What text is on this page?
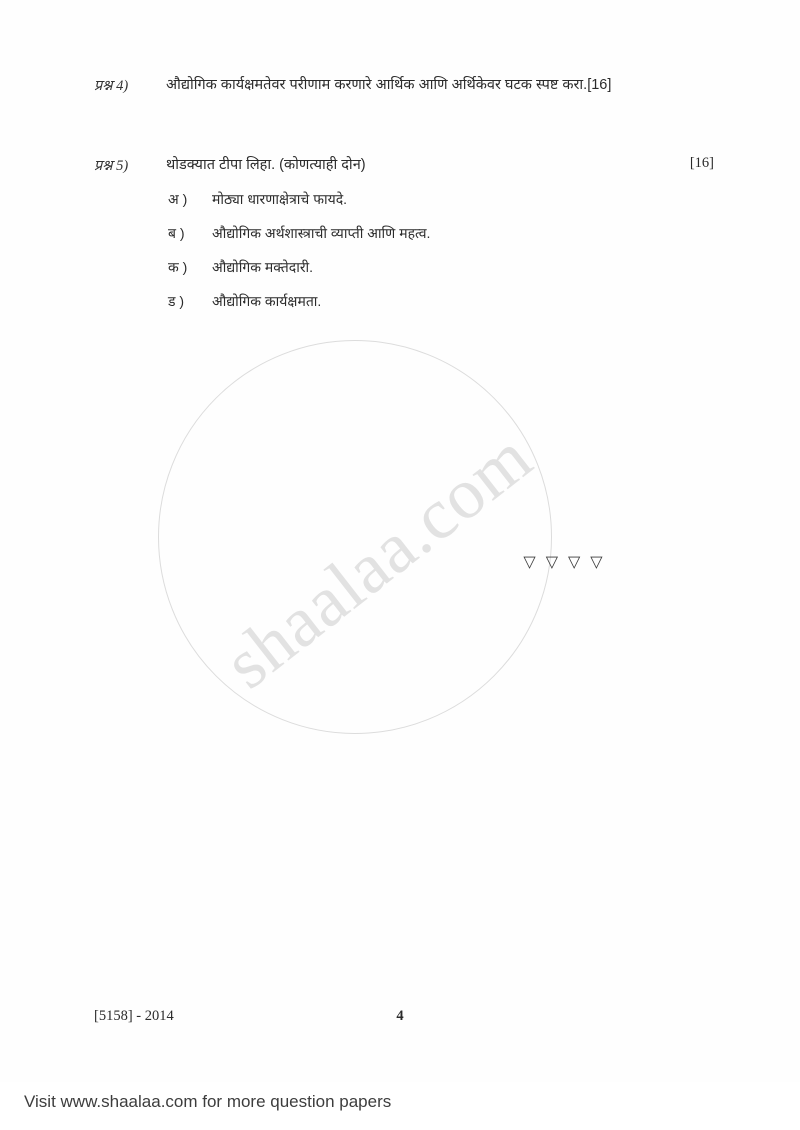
shaalaa.com
प्रश्न 4)	औद्योगिक कार्यक्षमतेवर परीणाम करणारे आर्थिक आणि अर्थिकेवर घटक स्पष्ट करा.[16]
प्रश्न 5)	थोडक्यात टीपा लिहा. (कोणत्याही दोन)	[16]
अ )	मोठ्या धारणाक्षेत्राचे फायदे.
ब )	औद्योगिक अर्थशास्त्राची व्याप्ती आणि महत्व.
क )	औद्योगिक मक्तेदारी.
ड )	औद्योगिक कार्यक्षमता.
▽▽▽▽
[5158] - 2014	4
Visit www.shaalaa.com for more question papers
